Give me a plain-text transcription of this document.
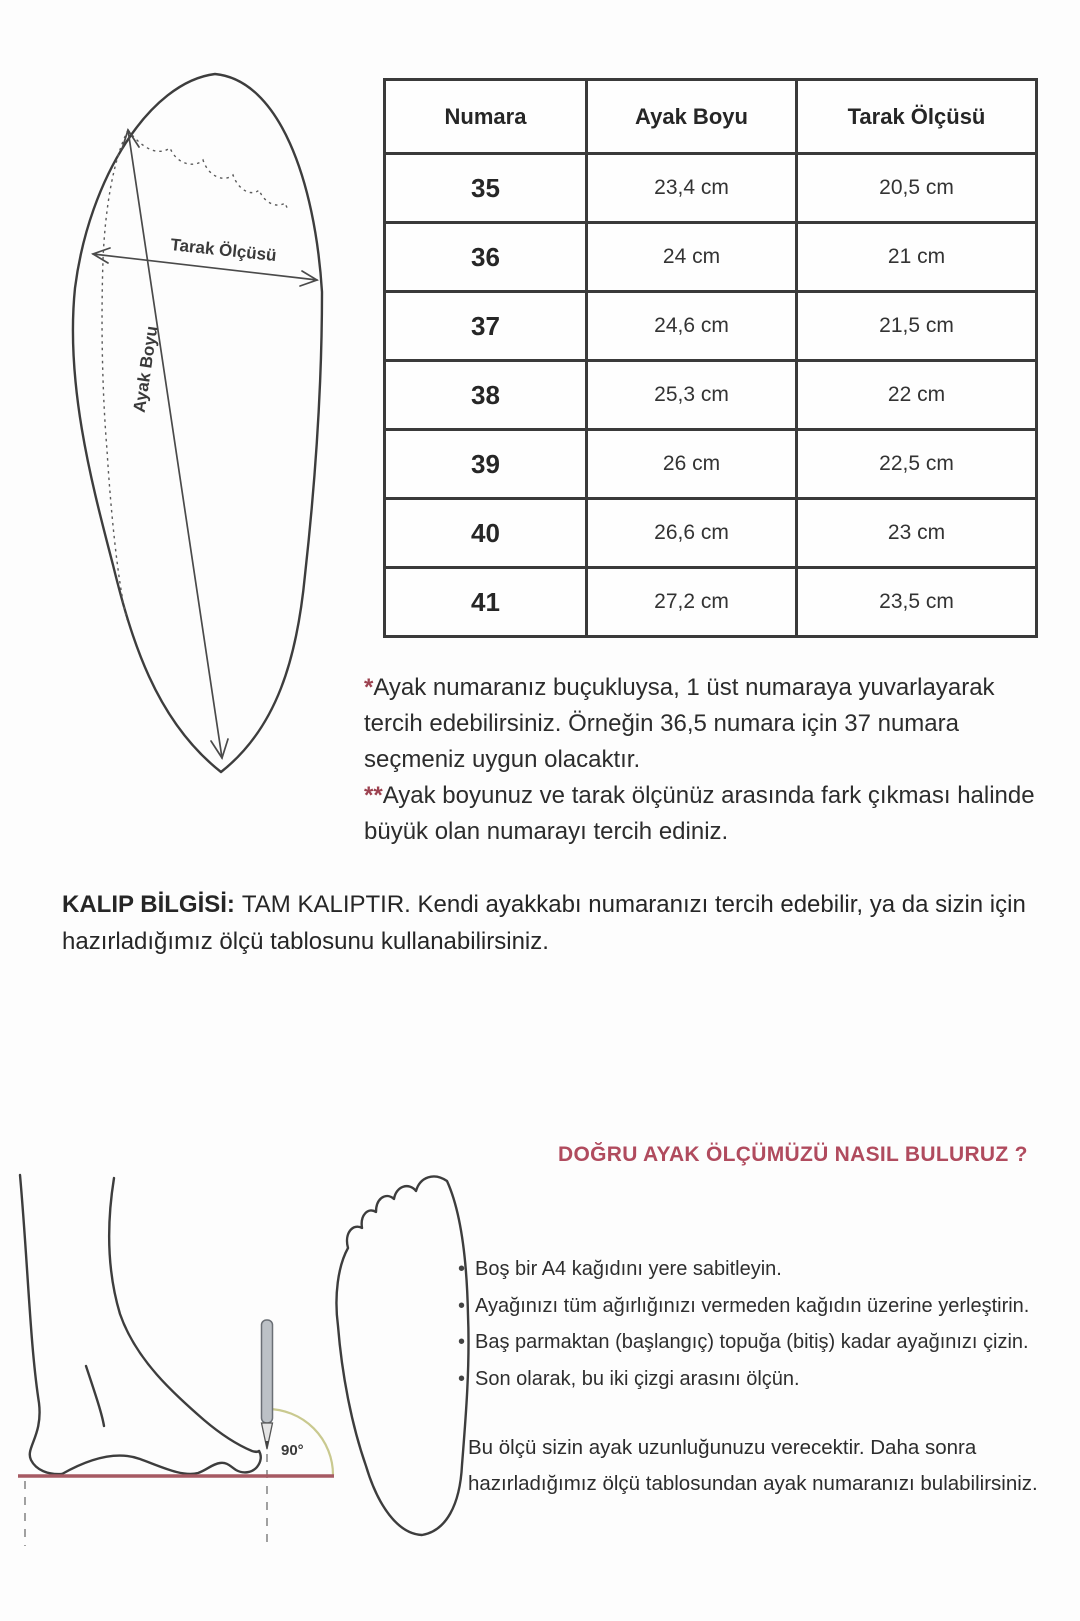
Tarak Ölçüsü
Ayak Boyu
Numara	Ayak Boyu	Tarak Ölçüsü
35	23,4 cm	20,5 cm
36	24 cm	21 cm
37	24,6 cm	21,5 cm
38	25,3 cm	22 cm
39	26 cm	22,5 cm
40	26,6 cm	23 cm
41	27,2 cm	23,5 cm

*Ayak numaranız buçukluysa, 1 üst numaraya yuvarlayarak tercih edebilirsiniz. Örneğin 36,5 numara için 37 numara seçmeniz uygun olacaktır.

**Ayak boyunuz ve tarak ölçünüz arasında fark çıkması halinde büyük olan numarayı tercih ediniz.

KALIP BİLGİSİ: TAM KALIPTIR. Kendi ayakkabı numaranızı tercih edebilir, ya da sizin için hazırladığımız ölçü tablosunu kullanabilirsiniz.
DOĞRU AYAK ÖLÇÜMÜZÜ NASIL BULURUZ ?
90°
• Boş bir A4 kağıdını yere sabitleyin.
• Ayağınızı tüm ağırlığınızı vermeden kağıdın üzerine yerleştirin.
• Baş parmaktan (başlangıç) topuğa (bitiş) kadar ayağınızı çizin.
• Son olarak, bu iki çizgi arasını ölçün.
Bu ölçü sizin ayak uzunluğunuzu verecektir. Daha sonra hazırladığımız ölçü tablosundan ayak numaranızı bulabilirsiniz.
